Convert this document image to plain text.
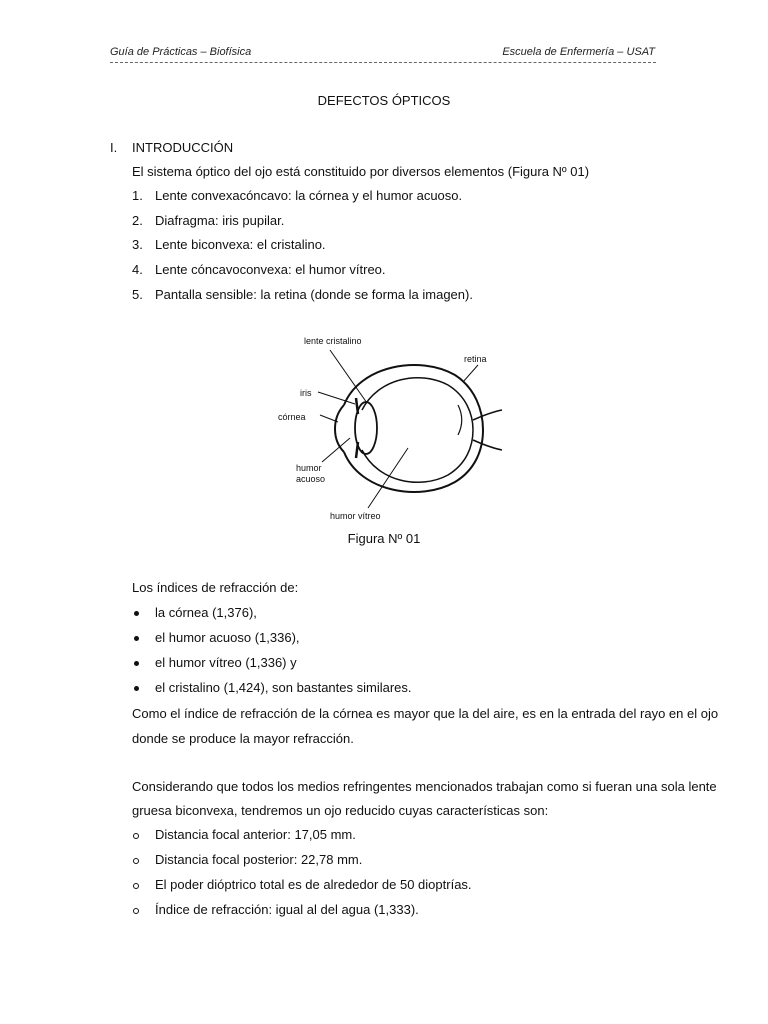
Guía de Prácticas – Biofísica	Escuela de Enfermería – USAT
DEFECTOS ÓPTICOS
I. INTRODUCCIÓN
El sistema óptico del ojo está constituido por diversos elementos (Figura Nº 01)
1. Lente convexacóncavo: la córnea y el humor acuoso.
2. Diafragma: iris pupilar.
3. Lente biconvexa: el cristalino.
4. Lente cóncavoconvexa: el humor vítreo.
5. Pantalla sensible: la retina (donde se forma la imagen).
lente cristalino
retina
iris
córnea
humor
acuoso
humor vítreo
Figura Nº 01
Los índices de refracción de:
la córnea (1,376),
el humor acuoso (1,336),
el humor vítreo (1,336) y
el cristalino (1,424), son bastantes similares.
Como el índice de refracción de la córnea es mayor que la del aire, es en la entrada del rayo en el ojo
donde se produce la mayor refracción.
Considerando que todos los medios refringentes mencionados trabajan como si fueran una sola lente
gruesa biconvexa, tendremos un ojo reducido cuyas características son:
Distancia focal anterior: 17,05 mm.
Distancia focal posterior: 22,78 mm.
El poder dióptrico total es de alrededor de 50 dioptrías.
Índice de refracción: igual al del agua (1,333).
